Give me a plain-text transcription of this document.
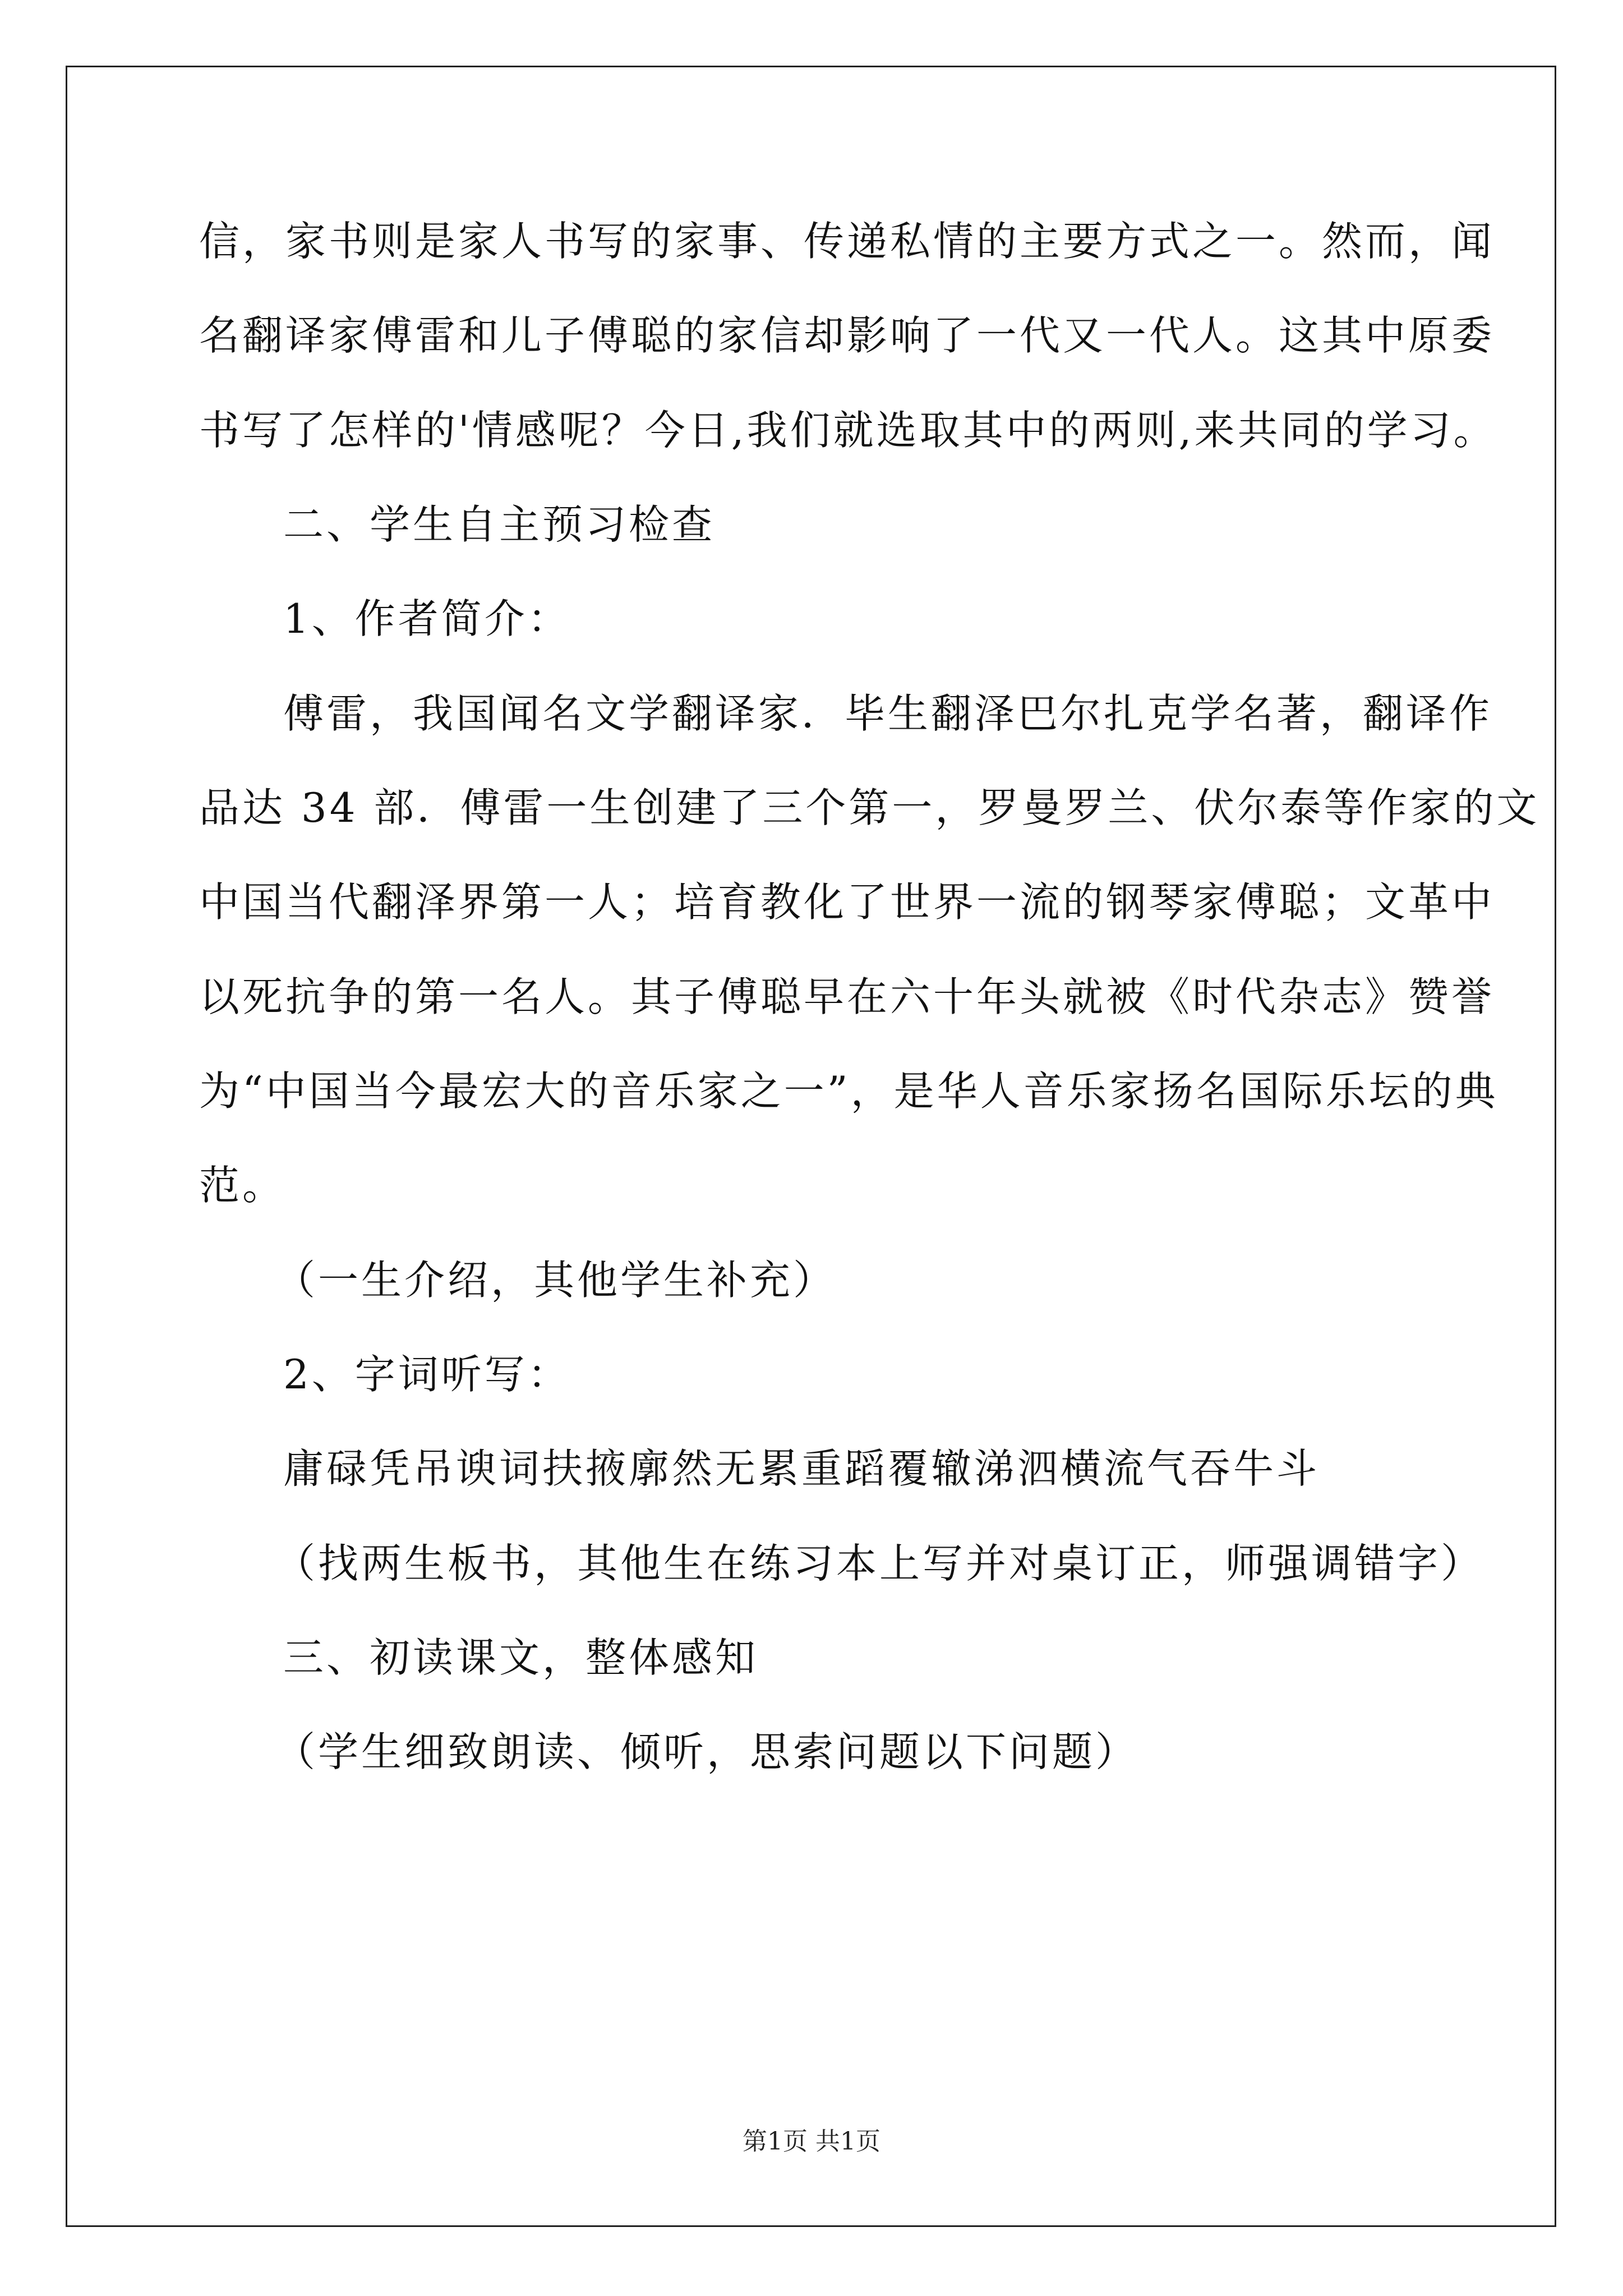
信，家书则是家人书写的家事、传递私情的主要方式之一。然而，闻
名翻译家傅雷和儿子傅聪的家信却影响了一代又一代人。这其中原委
书写了怎样的'情感呢？今日,我们就选取其中的两则,来共同的学习。
二、学生自主预习检查
1、作者简介：
傅雷，我国闻名文学翻译家．毕生翻泽巴尔扎克学名著，翻译作
品达 34 部．傅雷一生创建了三个第一，罗曼罗兰、伏尔泰等作家的文
中国当代翻泽界第一人；培育教化了世界一流的钢琴家傅聪；文革中
以死抗争的第一名人。其子傅聪早在六十年头就被《时代杂志》赞誉
为“中国当今最宏大的音乐家之一”，是华人音乐家扬名国际乐坛的典
范。
（一生介绍，其他学生补充）
2、字词听写：
庸碌凭吊谀词扶掖廓然无累重蹈覆辙涕泗横流气吞牛斗
（找两生板书，其他生在练习本上写并对桌订正，师强调错字）
三、初读课文，整体感知
（学生细致朗读、倾听，思索问题以下问题）
第1页 共1页
